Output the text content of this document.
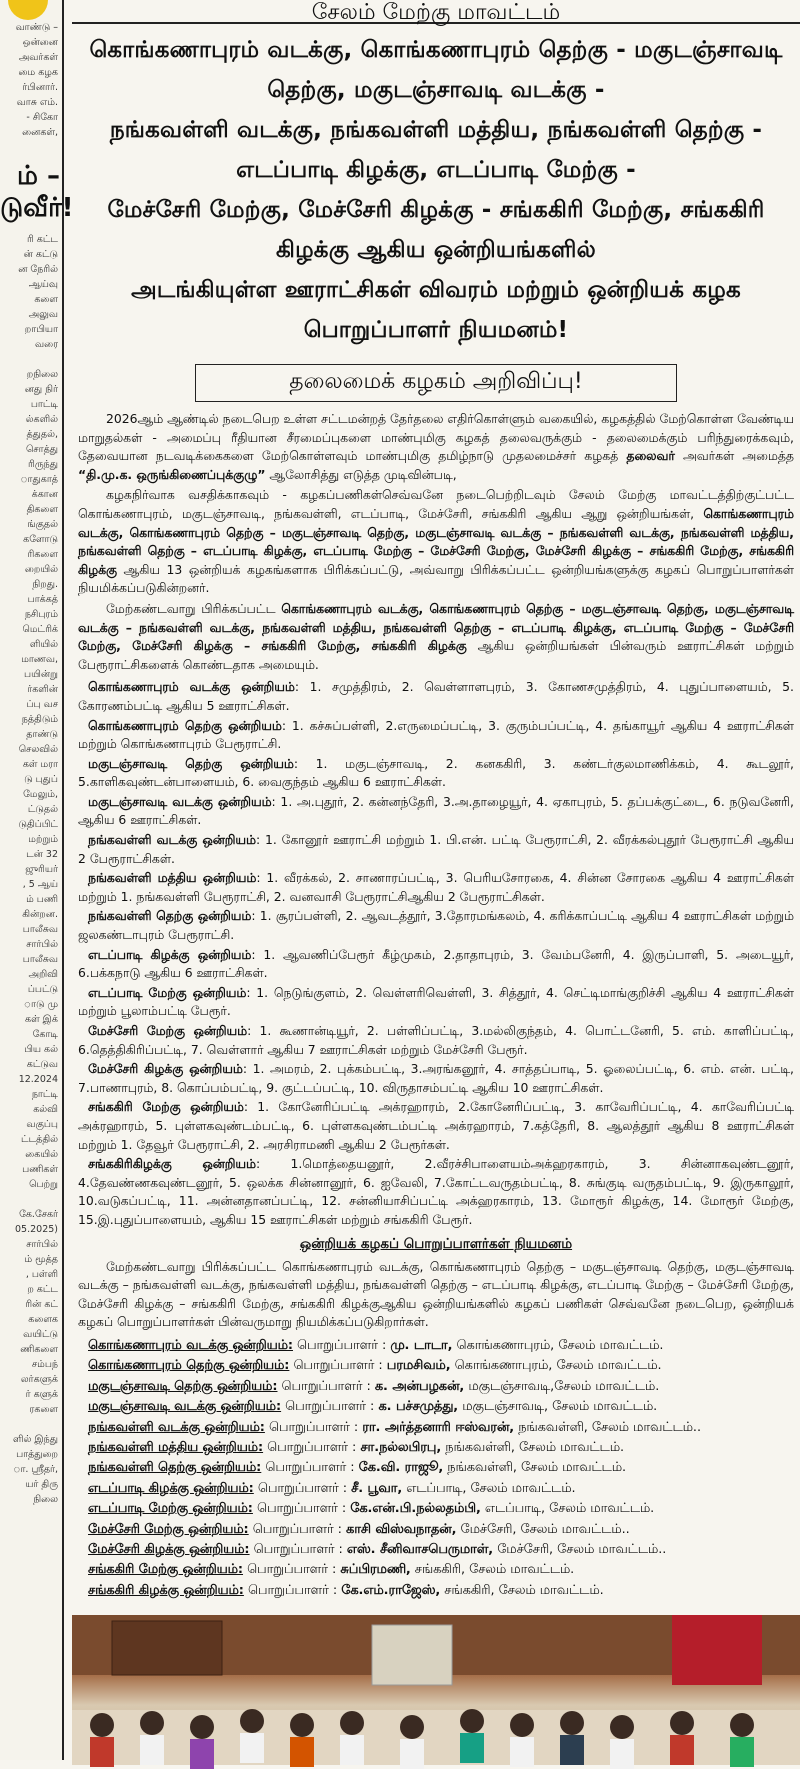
வாண்டு –
ஒன்னை
அவர்கள்
மை கழக
ர்பினார்.
வாசு எம்.
- சிகோ
னைகள்,
ம் –
டுவீர்!
ரி கட்ட
ன் கட்டு
ன நேரில்
ஆய்வு
களை
அலுவ
றாபியா
வரை
றநிலை
னது நிர்
பாட்டி
ல்களில்
த்துதல்,
சொத்து
ரிருந்து
ாதுகாத்
க்கான
திகளை
ங்குதல்
களோடு
ரிகளை
றையில்
நிறது.
பாக்கத்
நசிபுரம்
மெட்ரிக்
ளியில்
மாணவ,
பயின்று
ர்களின்
ப்பு வச
நத்திடும்
தாண்டு
செலவில்
கள் மரா
டு புதுப்
மேலும்,
ட்டுதல்
டுதிப்பிட்
மற்றும்
டன் 32
ஜுரியர்
, 5 ஆய்
ம் பணி
கின்றன.
பாலீசுவ
சார்பில்
பாலீசுவ
அறிவி
ப்பட்டு
ாடு மு
கள் இக்
கோடி
பிய கல்
கட்டுவ
12.2024
நாட்டி
கல்வி
வகுப்பு
ட்டத்தில்
கையில்
பணிகள்
பெற்று
கே.சேகர்
05.2025)
சார்பில்
ம் மூத்த
, பள்ளி
ற கட்ட
ரின் கட்
களைக
வயிட்டு
ணிகளை
சம்பந்
லர்களுக்
ர் களுக்
ரகளை
ளில் இந்து
பாத்துறை
ா. ஸ்ரீதர்,
யர் திரு
நிலை
சேலம் மேற்கு மாவட்டம்
கொங்கணாபுரம் வடக்கு, கொங்கணாபுரம் தெற்கு - மகுடஞ்சாவடி தெற்கு, மகுடஞ்சாவடி வடக்கு -
நங்கவள்ளி வடக்கு, நங்கவள்ளி மத்திய, நங்கவள்ளி தெற்கு - எடப்பாடி கிழக்கு, எடப்பாடி மேற்கு -
மேச்சேரி மேற்கு, மேச்சேரி கிழக்கு - சங்ககிரி மேற்கு, சங்ககிரி கிழக்கு ஆகிய ஒன்றியங்களில்
அடங்கியுள்ள ஊராட்சிகள் விவரம் மற்றும் ஒன்றியக் கழக பொறுப்பாளர் நியமனம்!
தலைமைக் கழகம் அறிவிப்பு!

2026ஆம் ஆண்டில் நடைபெற உள்ள சட்டமன்றத் தேர்தலை எதிர்கொள்ளும் வகையில், கழகத்தில் மேற்கொள்ள வேண்டிய மாறுதல்கள் - அமைப்பு ரீதியான சீரமைப்புகளை மாண்புமிகு கழகத் தலைவருக்கும் - தலைமைக்கும் பரிந்துரைக்கவும், தேவையான நடவடிக்கைகளை மேற்கொள்ளவும் மாண்புமிகு தமிழ்நாடு முதலமைச்சர் கழகத் தலைவர் அவர்கள் அமைத்த “தி.மு.க. ஒருங்கிணைப்புக்குழு” ஆலோசித்து எடுத்த முடிவின்படி,

கழகநிர்வாக வசதிக்காகவும் - கழகப்பணிகள்செவ்வனே நடைபெற்றிடவும் சேலம் மேற்கு மாவட்டத்திற்குட்பட்ட கொங்கணாபுரம், மகுடஞ்சாவடி, நங்கவள்ளி, எடப்பாடி, மேச்சேரி, சங்ககிரி ஆகிய ஆறு ஒன்றியங்கள், கொங்கணாபுரம் வடக்கு, கொங்கணாபுரம் தெற்கு – மகுடஞ்சாவடி தெற்கு, மகுடஞ்சாவடி வடக்கு – நங்கவள்ளி வடக்கு, நங்கவள்ளி மத்திய, நங்கவள்ளி தெற்கு – எடப்பாடி கிழக்கு, எடப்பாடி மேற்கு – மேச்சேரி மேற்கு, மேச்சேரி கிழக்கு – சங்ககிரி மேற்கு, சங்ககிரி கிழக்கு ஆகிய 13 ஒன்றியக் கழகங்களாக பிரிக்கப்பட்டு, அவ்வாறு பிரிக்கப்பட்ட ஒன்றியங்களுக்கு கழகப் பொறுப்பாளர்கள் நியமிக்கப்படுகின்றனர்.

மேற்கண்டவாறு பிரிக்கப்பட்ட கொங்கணாபுரம் வடக்கு, கொங்கணாபுரம் தெற்கு – மகுடஞ்சாவடி தெற்கு, மகுடஞ்சாவடி வடக்கு – நங்கவள்ளி வடக்கு, நங்கவள்ளி மத்திய, நங்கவள்ளி தெற்கு – எடப்பாடி கிழக்கு, எடப்பாடி மேற்கு – மேச்சேரி மேற்கு, மேச்சேரி கிழக்கு – சங்ககிரி மேற்கு, சங்ககிரி கிழக்கு ஆகிய ஒன்றியங்கள் பின்வரும் ஊராட்சிகள் மற்றும் பேரூராட்சிகளைக் கொண்டதாக அமையும்.

கொங்கணாபுரம் வடக்கு ஒன்றியம்: 1. சமுத்திரம், 2. வெள்ளாளபுரம், 3. கோணசமுத்திரம், 4. புதுப்பாளையம், 5. கோரணம்பட்டி ஆகிய 5 ஊராட்சிகள்.
கொங்கணாபுரம் தெற்கு ஒன்றியம்: 1. கச்சுப்பள்ளி, 2.எருமைப்பட்டி, 3. குரும்பப்பட்டி, 4. தங்காயூர் ஆகிய 4 ஊராட்சிகள் மற்றும் கொங்கணாபுரம் பேரூராட்சி.
மகுடஞ்சாவடி தெற்கு ஒன்றியம்: 1. மகுடஞ்சாவடி, 2. கனககிரி, 3. கண்டர்குலமாணிக்கம், 4. கூடலூர், 5.காளிகவுண்டன்பாளையம், 6. வைகுந்தம் ஆகிய 6 ஊராட்சிகள்.
மகுடஞ்சாவடி வடக்கு ஒன்றியம்: 1. அ.புதூர், 2. கன்னந்தேரி, 3.அ.தாழையூர், 4. ஏகாபுரம், 5. தப்பக்குட்டை, 6. நடுவனேரி, ஆகிய 6 ஊராட்சிகள்.
நங்கவள்ளி வடக்கு ஒன்றியம்: 1. கோனூர் ஊராட்சி மற்றும் 1. பி.என். பட்டி பேரூராட்சி, 2. வீரக்கல்புதூர் பேரூராட்சி ஆகிய 2 பேரூராட்சிகள்.
நங்கவள்ளி மத்திய ஒன்றியம்: 1. வீரக்கல், 2. சாணாரப்பட்டி, 3. பெரியசோரகை, 4. சின்ன சோரகை ஆகிய 4 ஊராட்சிகள் மற்றும் 1. நங்கவள்ளி பேரூராட்சி, 2. வனவாசி பேரூராட்சிஆகிய 2 பேரூராட்சிகள்.
நங்கவள்ளி தெற்கு ஒன்றியம்: 1. சூரப்பள்ளி, 2. ஆவடத்தூர், 3.தோரமங்கலம், 4. கரிக்காப்பட்டி ஆகிய 4 ஊராட்சிகள் மற்றும் ஜலகண்டாபுரம் பேரூராட்சி.
எடப்பாடி கிழக்கு ஒன்றியம்: 1. ஆவணிப்பேரூர் கீழ்முகம், 2.தாதாபுரம், 3. வேம்பனேரி, 4. இருப்பாளி, 5. அடையூர், 6.பக்கநாடு ஆகிய 6 ஊராட்சிகள்.
எடப்பாடி மேற்கு ஒன்றியம்: 1. நெடுங்குளம், 2. வெள்ளரிவெள்ளி, 3. சித்தூர், 4. செட்டிமாங்குறிச்சி ஆகிய 4 ஊராட்சிகள் மற்றும் பூலாம்பட்டி பேரூர்.
மேச்சேரி மேற்கு ஒன்றியம்: 1. கூணான்டியூர், 2. பள்ளிப்பட்டி, 3.மல்லிகுந்தம், 4. பொட்டனேரி, 5. எம். காளிப்பட்டி, 6.தெத்திகிரிப்பட்டி, 7. வெள்ளார் ஆகிய 7 ஊராட்சிகள் மற்றும் மேச்சேரி பேரூர்.
மேச்சேரி கிழக்கு ஒன்றியம்: 1. அமரம், 2. புக்கம்பட்டி, 3.அரங்கனூர், 4. சாத்தப்பாடி, 5. ஓலைப்பட்டி, 6. எம். என். பட்டி, 7.பாணாபுரம், 8. கொப்பம்பட்டி, 9. குட்டப்பட்டி, 10. விருதாசம்பட்டி ஆகிய 10 ஊராட்சிகள்.
சங்ககிரி மேற்கு ஒன்றியம்: 1. கோனேரிப்பட்டி அக்ரஹாரம், 2.கோனேரிப்பட்டி, 3. காவேரிப்பட்டி, 4. காவேரிப்பட்டி அக்ரஹாரம், 5. புள்ளகவுண்டம்பட்டி, 6. புள்ளகவுண்டம்பட்டி அக்ரஹாரம், 7.கத்தேரி, 8. ஆலத்தூர் ஆகிய 8 ஊராட்சிகள் மற்றும் 1. தேவூர் பேரூராட்சி, 2. அரசிராமணி ஆகிய 2 பேரூர்கள்.
சங்ககிரிகிழக்கு ஒன்றியம்: 1.மொத்தையனூர், 2.வீரச்சிபாளையம்அக்ஹரகாரம், 3. சின்னாகவுண்டனூர், 4.தேவண்ணகவுண்டனூர், 5. ஒலக்க சின்னானூர், 6. ஐவேலி, 7.கோட்டவருதம்பட்டி, 8. சுங்குடி வருதம்பட்டி, 9. இருகாலூர், 10.வடுகப்பட்டி, 11. அன்னதானப்பட்டி, 12. சன்னியாசிப்பட்டி அக்ஹரகாரம், 13. மோரூர் கிழக்கு, 14. மோரூர் மேற்கு, 15.இ.புதுப்பாளையம், ஆகிய 15 ஊராட்சிகள் மற்றும் சங்ககிரி பேரூர்.
ஒன்றியக் கழகப் பொறுப்பாளர்கள் நியமனம்

மேற்கண்டவாறு பிரிக்கப்பட்ட கொங்கணாபுரம் வடக்கு, கொங்கணாபுரம் தெற்கு – மகுடஞ்சாவடி தெற்கு, மகுடஞ்சாவடி வடக்கு – நங்கவள்ளி வடக்கு, நங்கவள்ளி மத்திய, நங்கவள்ளி தெற்கு – எடப்பாடி கிழக்கு, எடப்பாடி மேற்கு – மேச்சேரி மேற்கு, மேச்சேரி கிழக்கு – சங்ககிரி மேற்கு, சங்ககிரி கிழக்குஆகிய ஒன்றியங்களில் கழகப் பணிகள் செவ்வனே நடைபெற, ஒன்றியக் கழகப் பொறுப்பாளர்கள் பின்வருமாறு நியமிக்கப்படுகிறார்கள்.

கொங்கணாபுரம் வடக்கு ஒன்றியம்: பொறுப்பாளர் : மு. டாடா, கொங்கணாபுரம், சேலம் மாவட்டம்.
கொங்கணாபுரம் தெற்கு ஒன்றியம்: பொறுப்பாளர் : பரமசிவம், கொங்கணாபுரம், சேலம் மாவட்டம்.
மகுடஞ்சாவடி தெற்கு ஒன்றியம்: பொறுப்பாளர் : க. அன்பழகன், மகுடஞ்சாவடி,சேலம் மாவட்டம்.
மகுடஞ்சாவடி வடக்கு ஒன்றியம்: பொறுப்பாளர் : க. பச்சமுத்து, மகுடஞ்சாவடி, சேலம் மாவட்டம்.
நங்கவள்ளி வடக்கு ஒன்றியம்: பொறுப்பாளர் : ரா. அர்த்தனாரி ஈஸ்வரன், நங்கவள்ளி, சேலம் மாவட்டம்..
நங்கவள்ளி மத்திய ஒன்றியம்: பொறுப்பாளர் : சா.நல்லபிரபு, நங்கவள்ளி, சேலம் மாவட்டம்.
நங்கவள்ளி தெற்கு ஒன்றியம்: பொறுப்பாளர் : கே.வி. ராஜூ, நங்கவள்ளி, சேலம் மாவட்டம்.
எடப்பாடி கிழக்கு ஒன்றியம்: பொறுப்பாளர் : சீ. பூவா, எடப்பாடி, சேலம் மாவட்டம்.
எடப்பாடி மேற்கு ஒன்றியம்: பொறுப்பாளர் : கே.என்.பி.நல்லதம்பி, எடப்பாடி, சேலம் மாவட்டம்.
மேச்சேரி மேற்கு ஒன்றியம்: பொறுப்பாளர் : காசி விஸ்வநாதன், மேச்சேரி, சேலம் மாவட்டம்..
மேச்சேரி கிழக்கு ஒன்றியம்: பொறுப்பாளர் : எஸ். சீனிவாசபெருமாள், மேச்சேரி, சேலம் மாவட்டம்..
சங்ககிரி மேற்கு ஒன்றியம்: பொறுப்பாளர் : சுப்பிரமணி, சங்ககிரி, சேலம் மாவட்டம்.
சங்ககிரி கிழக்கு ஒன்றியம்: பொறுப்பாளர் : கே.எம்.ராஜேஸ், சங்ககிரி, சேலம் மாவட்டம்.
